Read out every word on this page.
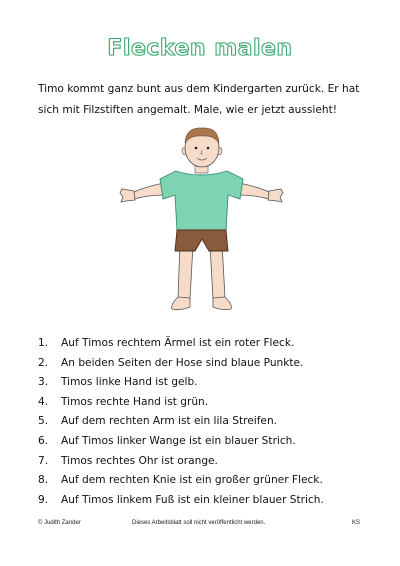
Flecken malen
Timo kommt ganz bunt aus dem Kindergarten zurück. Er hat sich mit Filzstiften angemalt. Male, wie er jetzt aussieht!
1. Auf Timos rechtem Ärmel ist ein roter Fleck.
2. An beiden Seiten der Hose sind blaue Punkte.
3. Timos linke Hand ist gelb.
4. Timos rechte Hand ist grün.
5. Auf dem rechten Arm ist ein lila Streifen.
6. Auf Timos linker Wange ist ein blauer Strich.
7. Timos rechtes Ohr ist orange.
8. Auf dem rechten Knie ist ein großer grüner Fleck.
9. Auf Timos linkem Fuß ist ein kleiner blauer Strich.
© Judith Zander	Dieses Arbeitsblatt soll nicht veröffentlicht werden.	KS
